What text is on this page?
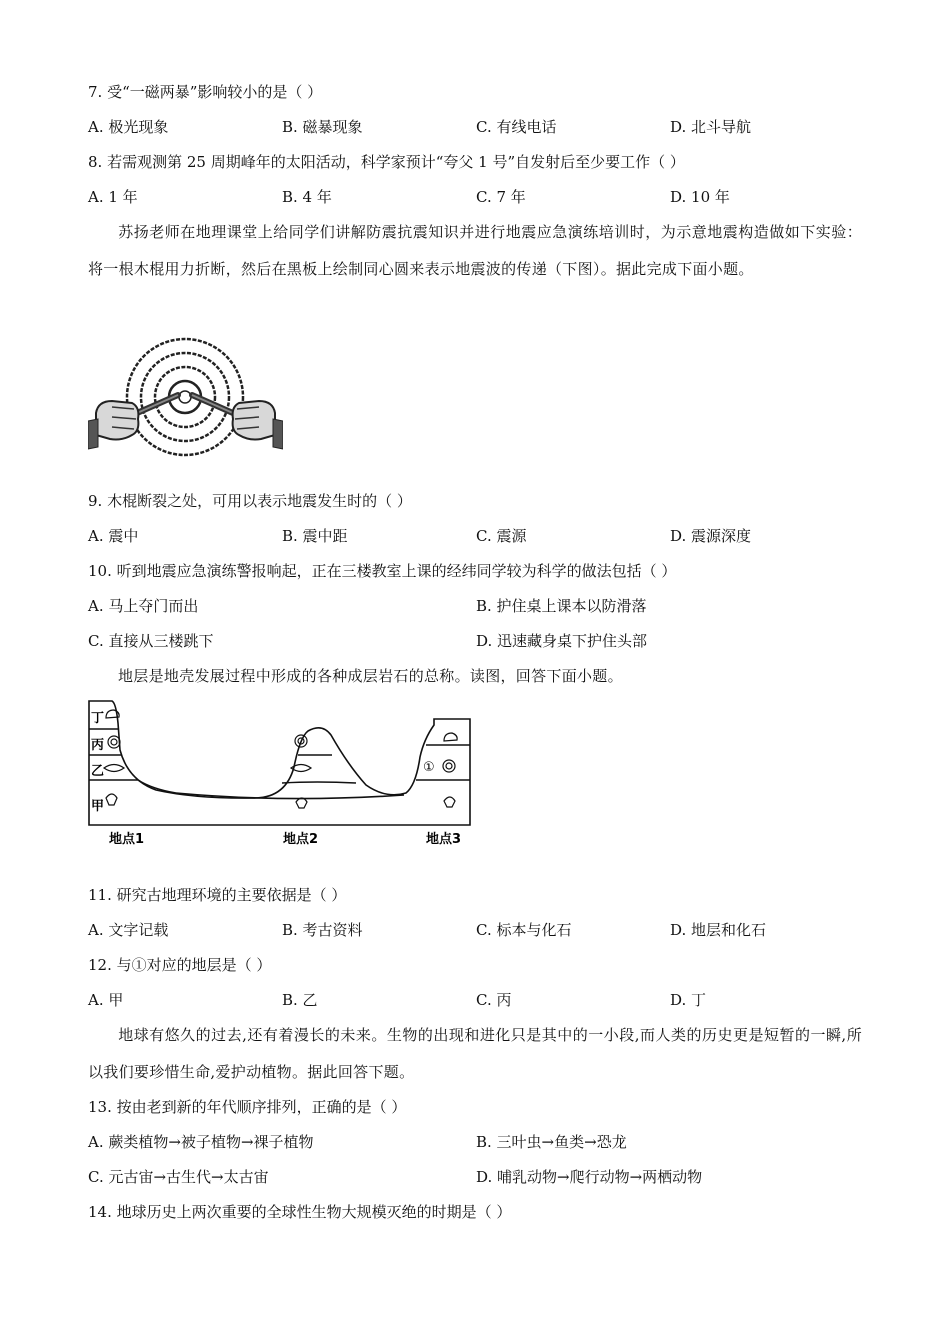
7. 受“一磁两暴”影响较小的是（ ）
A. 极光现象	B. 磁暴现象	C. 有线电话	D. 北斗导航
8. 若需观测第 25 周期峰年的太阳活动，科学家预计“夸父 1 号”自发射后至少要工作（ ）
A. 1 年	B. 4 年	C. 7 年	D. 10 年
苏扬老师在地理课堂上给同学们讲解防震抗震知识并进行地震应急演练培训时，为示意地震构造做如下实验：将一根木棍用力折断，然后在黑板上绘制同心圆来表示地震波的传递（下图）。据此完成下面小题。
9. 木棍断裂之处，可用以表示地震发生时的（ ）
A. 震中	B. 震中距	C. 震源	D. 震源深度
10. 听到地震应急演练警报响起，正在三楼教室上课的经纬同学较为科学的做法包括（ ）
A. 马上夺门而出	B. 护住桌上课本以防滑落
C. 直接从三楼跳下	D. 迅速藏身桌下护住头部
地层是地壳发展过程中形成的各种成层岩石的总称。读图，回答下面小题。
丁
丙
乙
甲
①
地点1	地点2	地点3
11. 研究古地理环境的主要依据是（ ）
A. 文字记载	B. 考古资料	C. 标本与化石	D. 地层和化石
12. 与①对应的地层是（ ）
A. 甲	B. 乙	C. 丙	D. 丁
地球有悠久的过去,还有着漫长的未来。生物的出现和进化只是其中的一小段,而人类的历史更是短暂的一瞬,所以我们要珍惜生命,爱护动植物。据此回答下题。
13. 按由老到新的年代顺序排列，正确的是（ ）
A. 蕨类植物→被子植物→裸子植物	B. 三叶虫→鱼类→恐龙
C. 元古宙→古生代→太古宙	D. 哺乳动物→爬行动物→两栖动物
14. 地球历史上两次重要的全球性生物大规模灭绝的时期是（ ）
